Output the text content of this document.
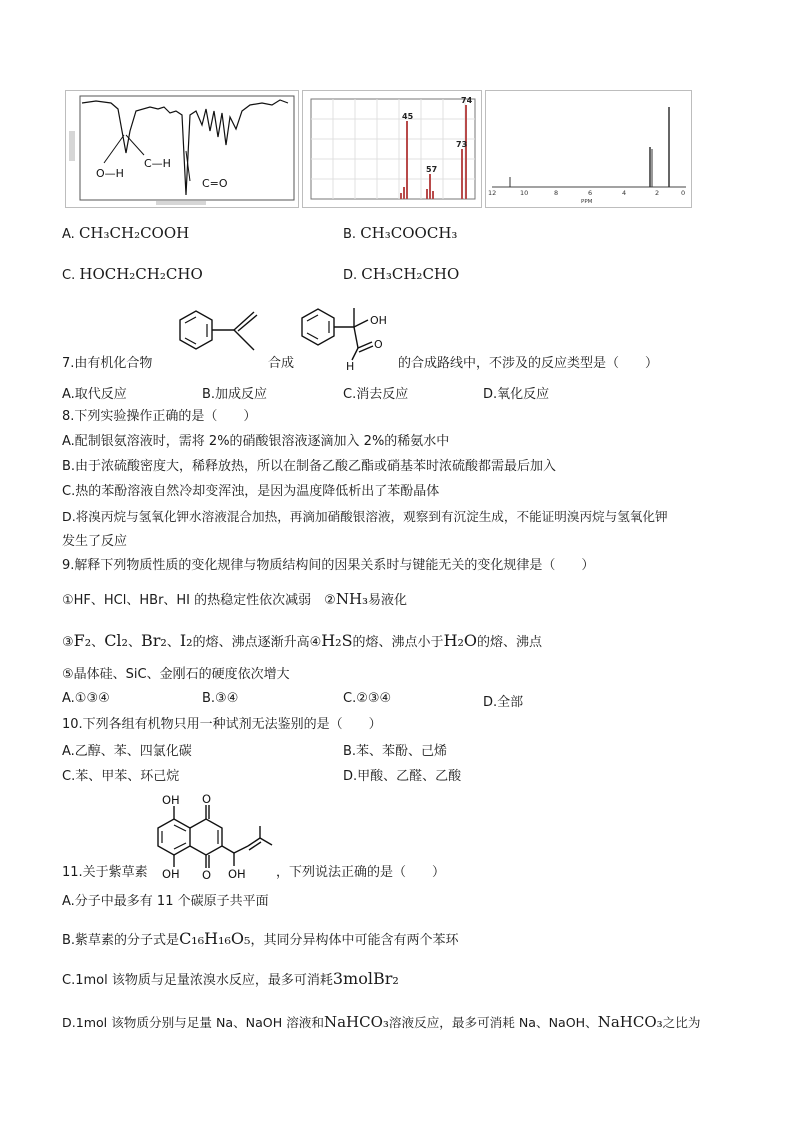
O—H
C—H
C=O
74
45
57
73
12	10	8	6	4	2	0
PPM
A. CH₃CH₂COOH	B. CH₃COOCH₃
C. HOCH₂CH₂CHO	D. CH₃CH₂CHO
7.由有机化合物	合成
OH
O
H	的合成路线中，不涉及的反应类型是（　　）
A.取代反应	B.加成反应	C.消去反应	D.氧化反应
8.下列实验操作正确的是（　　）
A.配制银氨溶液时，需将 2%的硝酸银溶液逐滴加入 2%的稀氨水中
B.由于浓硫酸密度大，稀释放热，所以在制备乙酸乙酯或硝基苯时浓硫酸都需最后加入
C.热的苯酚溶液自然冷却变浑浊，是因为温度降低析出了苯酚晶体
D.将溴丙烷与氢氧化钾水溶液混合加热，再滴加硝酸银溶液，观察到有沉淀生成，不能证明溴丙烷与氢氧化钾
发生了反应
9.解释下列物质性质的变化规律与物质结构间的因果关系时与键能无关的变化规律是（　　）
①HF、HCl、HBr、HI 的热稳定性依次减弱　②NH₃易液化
③F₂、Cl₂、Br₂、I₂的熔、沸点逐渐升高④H₂S的熔、沸点小于H₂O的熔、沸点
⑤晶体硅、SiC、金刚石的硬度依次增大
A.①③④	B.③④	C.②③④	D.全部
10.下列各组有机物只用一种试剂无法鉴别的是（　　）
A.乙醇、苯、四氯化碳	B.苯、苯酚、己烯
C.苯、甲苯、环己烷	D.甲酸、乙醛、乙酸
11.关于紫草素
OH O
OH O OH ，下列说法正确的是（　　）
A.分子中最多有 11 个碳原子共平面
B.紫草素的分子式是C₁₆H₁₆O₅，其同分异构体中可能含有两个苯环
C.1mol 该物质与足量浓溴水反应，最多可消耗3molBr₂
D.1mol 该物质分别与足量 Na、NaOH 溶液和NaHCO₃溶液反应，最多可消耗 Na、NaOH、NaHCO₃之比为
